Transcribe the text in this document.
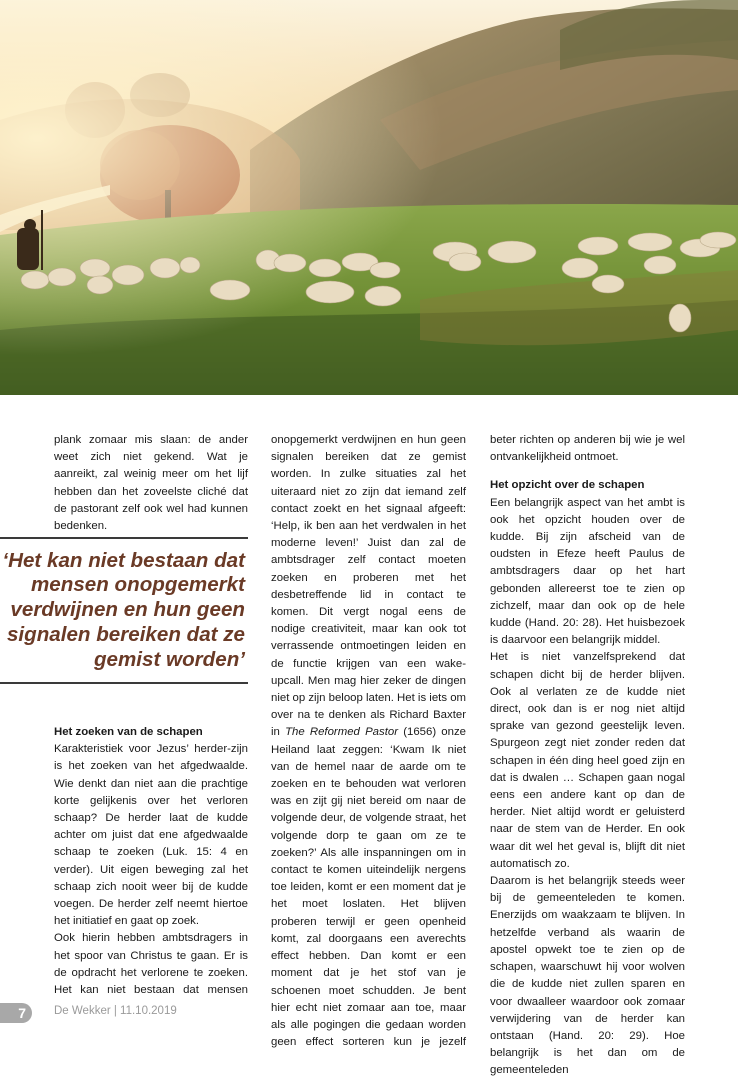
plank zomaar mis slaan: de ander weet zich niet gekend. Wat je aanreikt, zal weinig meer om het lijf hebben dan het zoveelste cliché dat de pastorant zelf ook wel had kunnen bedenken.

‘Het kan niet bestaan dat mensen onopgemerkt verdwijnen en hun geen signalen bereiken dat ze gemist worden’
Het zoeken van de schapen

Karakteristiek voor Jezus’ herder-zijn is het zoeken van het afgedwaalde. Wie denkt dan niet aan die prachtige korte gelijkenis over het verloren schaap? De herder laat de kudde achter om juist dat ene afgedwaalde schaap te zoeken (Luk. 15: 4 en verder). Uit eigen beweging zal het schaap zich nooit weer bij de kudde voegen. De herder zelf neemt hiertoe het initiatief en gaat op zoek.

Ook hierin hebben ambtsdragers in het spoor van Christus te gaan. Er is de opdracht het verlorene te zoeken. Het kan niet bestaan dat mensen

onopgemerkt verdwijnen en hun geen signalen bereiken dat ze gemist worden. In zulke situaties zal het uiteraard niet zo zijn dat iemand zelf contact zoekt en het signaal afgeeft: ‘Help, ik ben aan het verdwalen in het moderne leven!’ Juist dan zal de ambtsdrager zelf contact moeten zoeken en proberen met het desbetreffende lid in contact te komen. Dit vergt nogal eens de nodige creativiteit, maar kan ook tot verrassende ontmoetingen leiden en de functie krijgen van een wake-upcall. Men mag hier zeker de dingen niet op zijn beloop laten. Het is iets om over na te denken als Richard Baxter in The Reformed Pastor (1656) onze Heiland laat zeggen: ‘Kwam Ik niet van de hemel naar de aarde om te zoeken en te behouden wat verloren was en zijt gij niet bereid om naar de volgende deur, de volgende straat, het volgende dorp te gaan om ze te zoeken?’ Als alle inspanningen om in contact te komen uiteindelijk nergens toe leiden, komt er een moment dat je het moet loslaten. Het blijven proberen terwijl er geen openheid komt, zal doorgaans een averechts effect hebben. Dan komt er een moment dat je het stof van je schoenen moet schudden. Je bent hier echt niet zomaar aan toe, maar als alle pogingen die gedaan worden geen effect sorteren kun je jezelf

beter richten op anderen bij wie je wel ontvankelijkheid ontmoet.

Het opzicht over de schapen

Een belangrijk aspect van het ambt is ook het opzicht houden over de kudde. Bij zijn afscheid van de oudsten in Efeze heeft Paulus de ambtsdragers daar op het hart gebonden allereerst toe te zien op zichzelf, maar dan ook op de hele kudde (Hand. 20: 28). Het huisbezoek is daarvoor een belangrijk middel.

Het is niet vanzelfsprekend dat schapen dicht bij de herder blijven. Ook al verlaten ze de kudde niet direct, ook dan is er nog niet altijd sprake van gezond geestelijk leven. Spurgeon zegt niet zonder reden dat schapen in één ding heel goed zijn en dat is dwalen … Schapen gaan nogal eens een andere kant op dan de herder. Niet altijd wordt er geluisterd naar de stem van de Herder. En ook waar dit wel het geval is, blijft dit niet automatisch zo.

Daarom is het belangrijk steeds weer bij de gemeenteleden te komen. Enerzijds om waakzaam te blijven. In hetzelfde verband als waarin de apostel opwekt toe te zien op de schapen, waarschuwt hij voor wolven die de kudde niet zullen sparen en voor dwaalleer waardoor ook zomaar verwijdering van de herder kan ontstaan (Hand. 20: 29). Hoe belangrijk is het dan om de gemeenteleden

7	De Wekker | 11.10.2019
